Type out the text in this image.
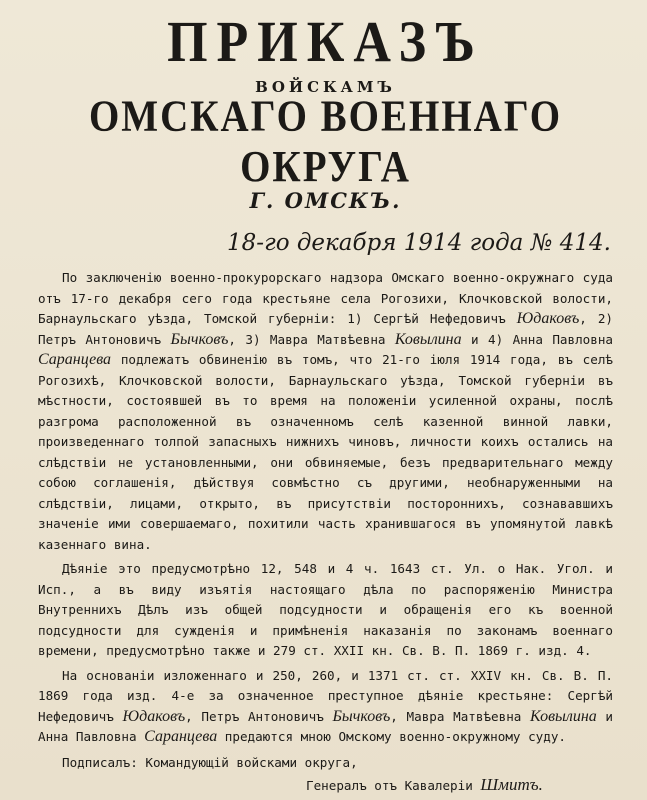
ПРИКАЗЪ
ВОЙСКАМЪ
ОМСКАГО ВОЕННАГО ОКРУГА
Г. ОМСКЪ.
18-го декабря 1914 года № 414.

По заключенію военно-прокурорскаго надзора Омскаго военно-окружнаго суда отъ 17-го декабря сего года крестьяне села Рогозихи, Клочковской волости, Барнаульскаго уѣзда, Томской губерніи: 1) Сергѣй Нефедовичъ Юдаковъ, 2) Петръ Антоновичъ Бычковъ, 3) Мавра Матвѣевна Ковылина и 4) Анна Павловна Саранцева подлежатъ обвиненію въ томъ, что 21-го іюля 1914 года, въ селѣ Рогозихѣ, Клочковской волости, Барнаульскаго уѣзда, Томской губерніи въ мѣстности, состоявшей въ то время на положеніи усиленной охраны, послѣ разгрома расположенной въ означенномъ селѣ казенной винной лавки, произведеннаго толпой запасныхъ нижнихъ чиновъ, личности коихъ остались на слѣдствіи не установленными, они обвиняемые, безъ предварительнаго между собою соглашенія, дѣйствуя совмѣстно съ другими, необнаруженными на слѣдствіи, лицами, открыто, въ присутствіи постороннихъ, сознававшихъ значеніе ими совершаемаго, похитили часть хранившагося въ упомянутой лавкѣ казеннаго вина.

Дѣяніе это предусмотрѣно 12, 548 и 4 ч. 1643 ст. Ул. о Нак. Угол. и Исп., а въ виду изъятія настоящаго дѣла по распоряженію Министра Внутреннихъ Дѣлъ изъ общей подсудности и обращенія его къ военной подсудности для сужденія и примѣненія наказанія по законамъ военнаго времени, предусмотрѣно также и 279 ст. XXII кн. Св. В. П. 1869 г. изд. 4.

На основаніи изложеннаго и 250, 260, и 1371 ст. ст. XXIV кн. Св. В. П. 1869 года изд. 4-е за означенное преступное дѣяніе крестьяне: Сергѣй Нефедовичъ Юдаковъ, Петръ Антоновичъ Бычковъ, Мавра Матвѣевна Ковылина и Анна Павловна Саранцева предаются мною Омскому военно-окружному суду.

Подписалъ: Командующій войсками округа,
Генералъ отъ Кавалеріи Шмитъ.
